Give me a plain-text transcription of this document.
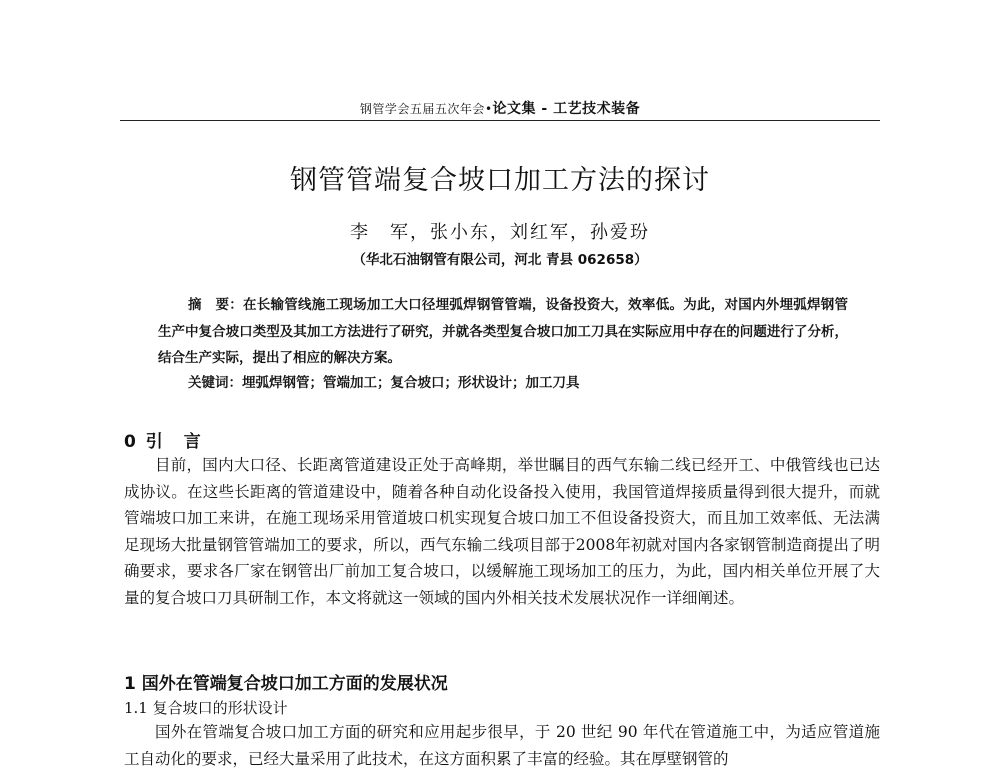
钢管学会五届五次年会•论文集 - 工艺技术装备
钢管管端复合坡口加工方法的探讨
李　军，张小东，刘红军，孙爱玢
（华北石油钢管有限公司，河北 青县 062658）
摘　要：在长输管线施工现场加工大口径埋弧焊钢管管端，设备投资大，效率低。为此，对国内外埋弧焊钢管生产中复合坡口类型及其加工方法进行了研究，并就各类型复合坡口加工刀具在实际应用中存在的问题进行了分析，结合生产实际，提出了相应的解决方案。
关键词：埋弧焊钢管；管端加工；复合坡口；形状设计；加工刀具
0 引　言
目前，国内大口径、长距离管道建设正处于高峰期，举世瞩目的西气东输二线已经开工、中俄管线也已达成协议。在这些长距离的管道建设中，随着各种自动化设备投入使用，我国管道焊接质量得到很大提升，而就管端坡口加工来讲，在施工现场采用管道坡口机实现复合坡口加工不但设备投资大，而且加工效率低、无法满足现场大批量钢管管端加工的要求，所以，西气东输二线项目部于2008年初就对国内各家钢管制造商提出了明确要求，要求各厂家在钢管出厂前加工复合坡口，以缓解施工现场加工的压力，为此，国内相关单位开展了大量的复合坡口刀具研制工作，本文将就这一领域的国内外相关技术发展状况作一详细阐述。
1 国外在管端复合坡口加工方面的发展状况
1.1 复合坡口的形状设计
国外在管端复合坡口加工方面的研究和应用起步很早，于 20 世纪 90 年代在管道施工中，为适应管道施工自动化的要求，已经大量采用了此技术，在这方面积累了丰富的经验。其在厚壁钢管的
